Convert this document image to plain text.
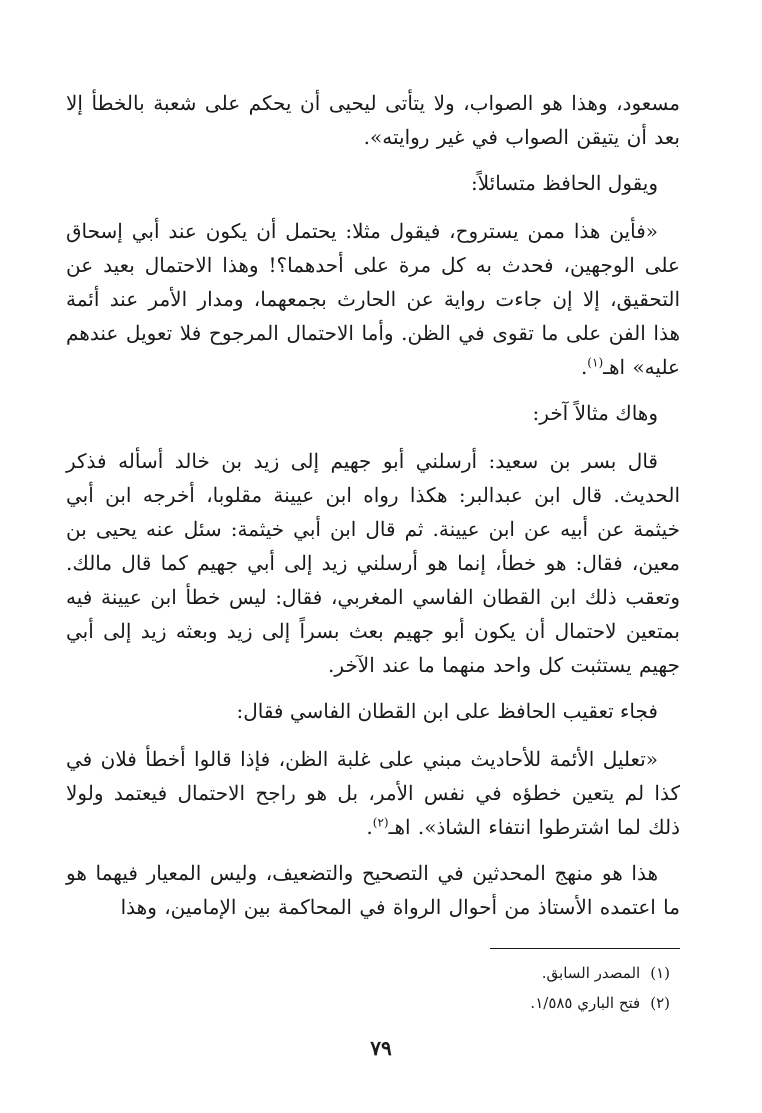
مسعود، وهذا هو الصواب، ولا يتأتى ليحيى أن يحكم على شعبة بالخطأ إلا بعد أن يتيقن الصواب في غير روايته».

ويقول الحافظ متسائلاً:

«فأين هذا ممن يستروح، فيقول مثلا: يحتمل أن يكون عند أبي إسحاق على الوجهين، فحدث به كل مرة على أحدهما؟! وهذا الاحتمال بعيد عن التحقيق، إلا إن جاءت رواية عن الحارث بجمعهما، ومدار الأمر عند أئمة هذا الفن على ما تقوى في الظن. وأما الاحتمال المرجوح فلا تعويل عندهم عليه» اهـ$^{(١)}$.

وهاك مثالاً آخر:

قال بسر بن سعيد: أرسلني أبو جهيم إلى زيد بن خالد أسأله فذكر الحديث. قال ابن عبدالبر: هكذا رواه ابن عيينة مقلوبا، أخرجه ابن أبي خيثمة عن أبيه عن ابن عيينة. ثم قال ابن أبي خيثمة: سئل عنه يحيى بن معين، فقال: هو خطأ، إنما هو أرسلني زيد إلى أبي جهيم كما قال مالك. وتعقب ذلك ابن القطان الفاسي المغربي، فقال: ليس خطأ ابن عيينة فيه بمتعين لاحتمال أن يكون أبو جهيم بعث بسراً إلى زيد وبعثه زيد إلى أبي جهيم يستثبت كل واحد منهما ما عند الآخر.

فجاء تعقيب الحافظ على ابن القطان الفاسي فقال:

«تعليل الأئمة للأحاديث مبني على غلبة الظن، فإذا قالوا أخطأ فلان في كذا لم يتعين خطؤه في نفس الأمر، بل هو راجح الاحتمال فيعتمد ولولا ذلك لما اشترطوا انتفاء الشاذ». اهـ$^{(٢)}$.

هذا هو منهج المحدثين في التصحيح والتضعيف، وليس المعيار فيهما هو ما اعتمده الأستاذ من أحوال الرواة في المحاكمة بين الإمامين، وهذا

(١)المصدر السابق.
(٢)فتح الباري ١/٥٨٥.
٧٩
